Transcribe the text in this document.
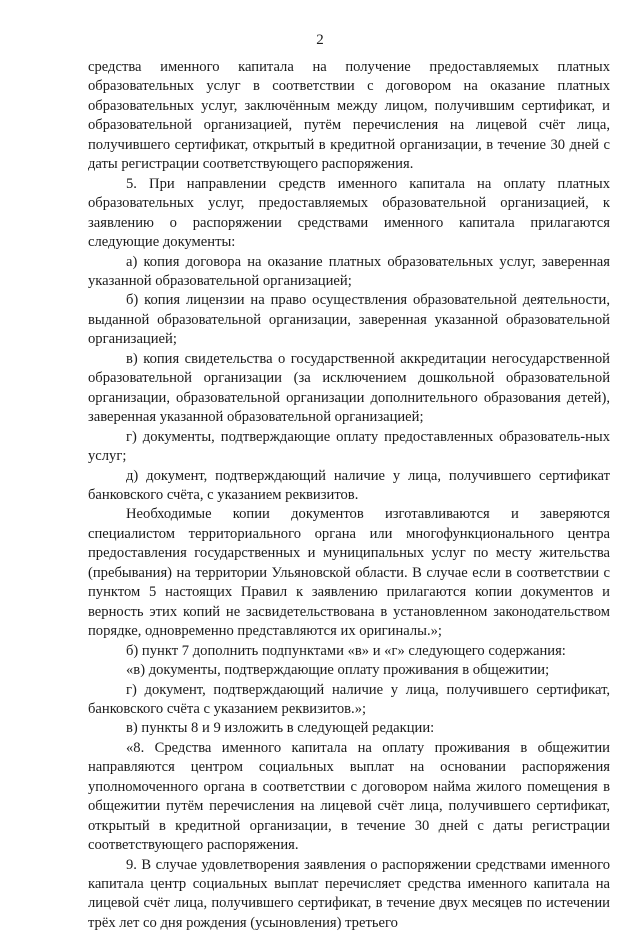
2

средства именного капитала на получение предоставляемых платных образовательных услуг в соответствии с договором на оказание платных образовательных услуг, заключённым между лицом, получившим сертификат, и образовательной организацией, путём перечисления на лицевой счёт лица, получившего сертификат, открытый в кредитной организации, в течение 30 дней с даты регистрации соответствующего распоряжения.

5. При направлении средств именного капитала на оплату платных образовательных услуг, предоставляемых образовательной организацией, к заявлению о распоряжении средствами именного капитала прилагаются следующие документы:

а) копия договора на оказание платных образовательных услуг, заверенная указанной образовательной организацией;

б) копия лицензии на право осуществления образовательной деятельности, выданной образовательной организации, заверенная указанной образовательной организацией;

в) копия свидетельства о государственной аккредитации негосударственной образовательной организации (за исключением дошкольной образовательной организации, образовательной организации дополнительного образования детей), заверенная указанной образовательной организацией;

г) документы, подтверждающие оплату предоставленных образователь-ных услуг;

д) документ, подтверждающий наличие у лица, получившего сертификат банковского счёта, с указанием реквизитов.

Необходимые копии документов изготавливаются и заверяются специалистом территориального органа или многофункционального центра предоставления государственных и муниципальных услуг по месту жительства (пребывания) на территории Ульяновской области. В случае если в соответствии с пунктом 5 настоящих Правил к заявлению прилагаются копии документов и верность этих копий не засвидетельствована в установленном законодательством порядке, одновременно представляются их оригиналы.»;

б) пункт 7 дополнить подпунктами «в» и «г» следующего содержания:

«в) документы, подтверждающие оплату проживания в общежитии;

г) документ, подтверждающий наличие у лица, получившего сертификат, банковского счёта с указанием реквизитов.»;

в) пункты 8 и 9 изложить в следующей редакции:

«8. Средства именного капитала на оплату проживания в общежитии направляются центром социальных выплат на основании распоряжения уполномоченного органа в соответствии с договором найма жилого помещения в общежитии путём перечисления на лицевой счёт лица, получившего сертификат, открытый в кредитной организации, в течение 30 дней с даты регистрации соответствующего распоряжения.

9. В случае удовлетворения заявления о распоряжении средствами именного капитала центр социальных выплат перечисляет средства именного капитала на лицевой счёт лица, получившего сертификат, в течение двух месяцев по истечении трёх лет со дня рождения (усыновления) третьего
